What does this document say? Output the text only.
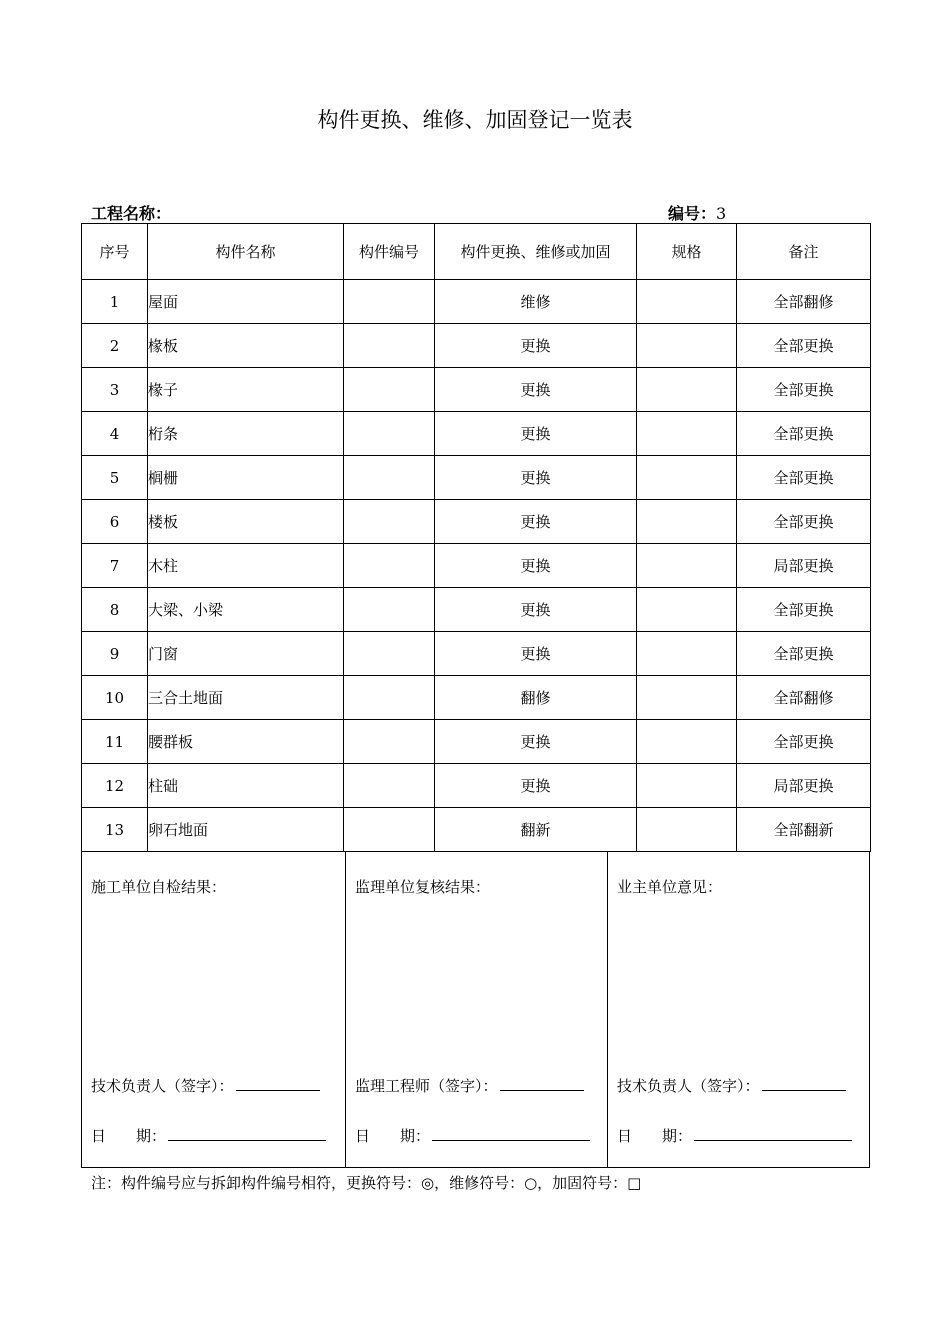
构件更换、维修、加固登记一览表
工程名称：	编号：3
序号	构件名称	构件编号	构件更换、维修或加固	规格	备注
1	屋面		维修		全部翻修
2	椽板		更换		全部更换
3	椽子		更换		全部更换
4	桁条		更换		全部更换
5	榈栅		更换		全部更换
6	楼板		更换		全部更换
7	木柱		更换		局部更换
8	大梁、小梁		更换		全部更换
9	门窗		更换		全部更换
10	三合土地面		翻修		全部翻修
11	腰群板		更换		全部更换
12	柱础		更换		局部更换
13	卵石地面		翻新		全部翻新
施工单位自检结果：
技术负责人（签字）：
日　　期：
监理单位复核结果：
监理工程师（签字）：
日　　期：
业主单位意见：
技术负责人（签字）：
日　　期：
注：构件编号应与拆卸构件编号相符，更换符号：◎，维修符号：○，加固符号：□
